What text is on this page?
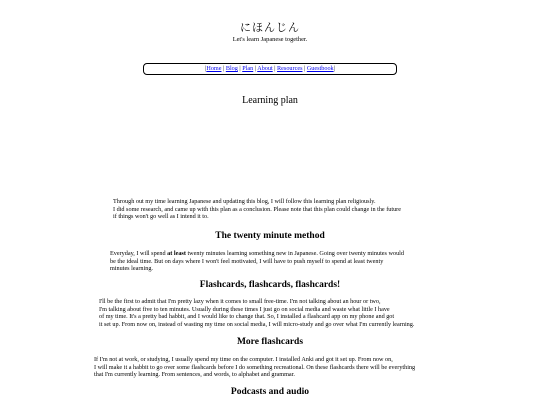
にほんじん
Let's learn Japanese together.
|Home | Blog | Plan | About | Resources | Guestbook|
Learning plan

Through out my time learning Japanese and updating this blog, I will follow this learning plan religiously.

I did some research, and came up with this plan as a conclusion. Please note that this plan could change in the future

if things won't go well as I intend it to.

The twenty minute method

Everyday, I will spend at least twenty minutes learning something new in Japanese. Going over twenty minutes would

be the ideal time. But on days where I won't feel motivated, I will have to push myself to spend at least twenty

minutes learning.

Flashcards, flashcards, flashcards!

I'll be the first to admit that I'm pretty lazy when it comes to small free-time. I'm not talking about an hour or two,

I'm talking about five to ten minutes. Usually during these times I just go on social media and waste what little I have

of my time. It's a pretty bad habbit, and I would like to change that. So, I installed a flashcard app on my phone and got

it set up. From now on, instead of wasting my time on social media, I will micro-study and go over what I'm currently learning.

More flashcards

If I'm not at work, or studying, I usually spend my time on the computer. I installed Anki and got it set up. From now on,

I will make it a habbit to go over some flashcards before I do something recreational. On these flashcards there will be everything

that I'm currently learning. From sentences, and words, to alphabet and grammar.

Podcasts and audio
